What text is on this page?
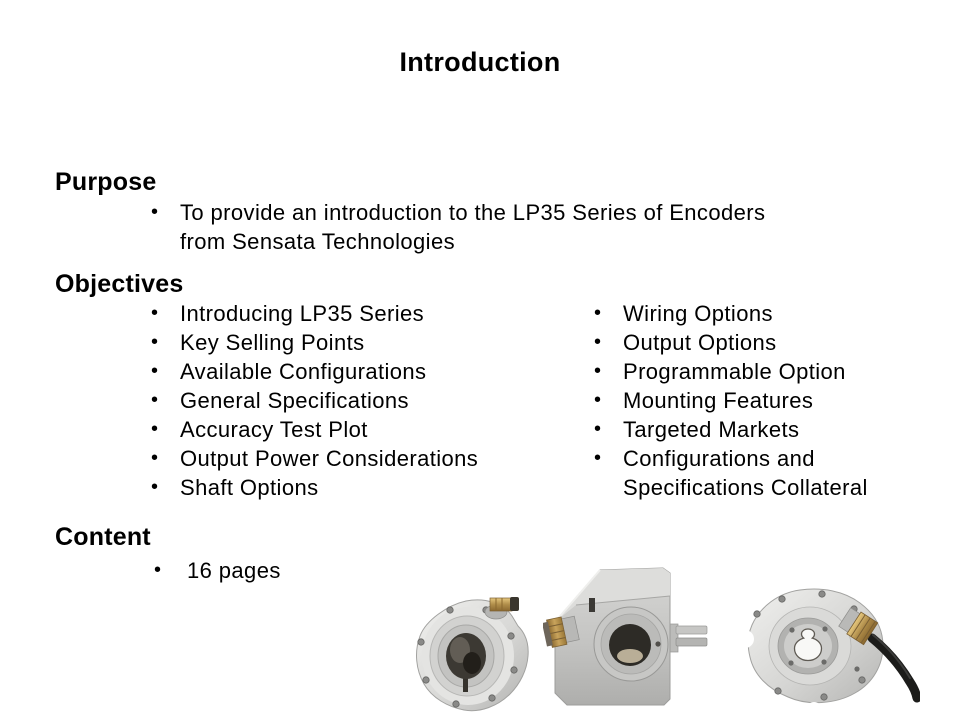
Introduction
Purpose
• To provide an introduction to the LP35 Series of Encoders from Sensata Technologies
Objectives
• Introducing LP35 Series
• Key Selling Points
• Available Configurations
• General Specifications
• Accuracy Test Plot
• Output Power Considerations
• Shaft Options
• Wiring Options
• Output Options
• Programmable Option
• Mounting Features
• Targeted Markets
• Configurations and Specifications Collateral
Content
• 16 pages
